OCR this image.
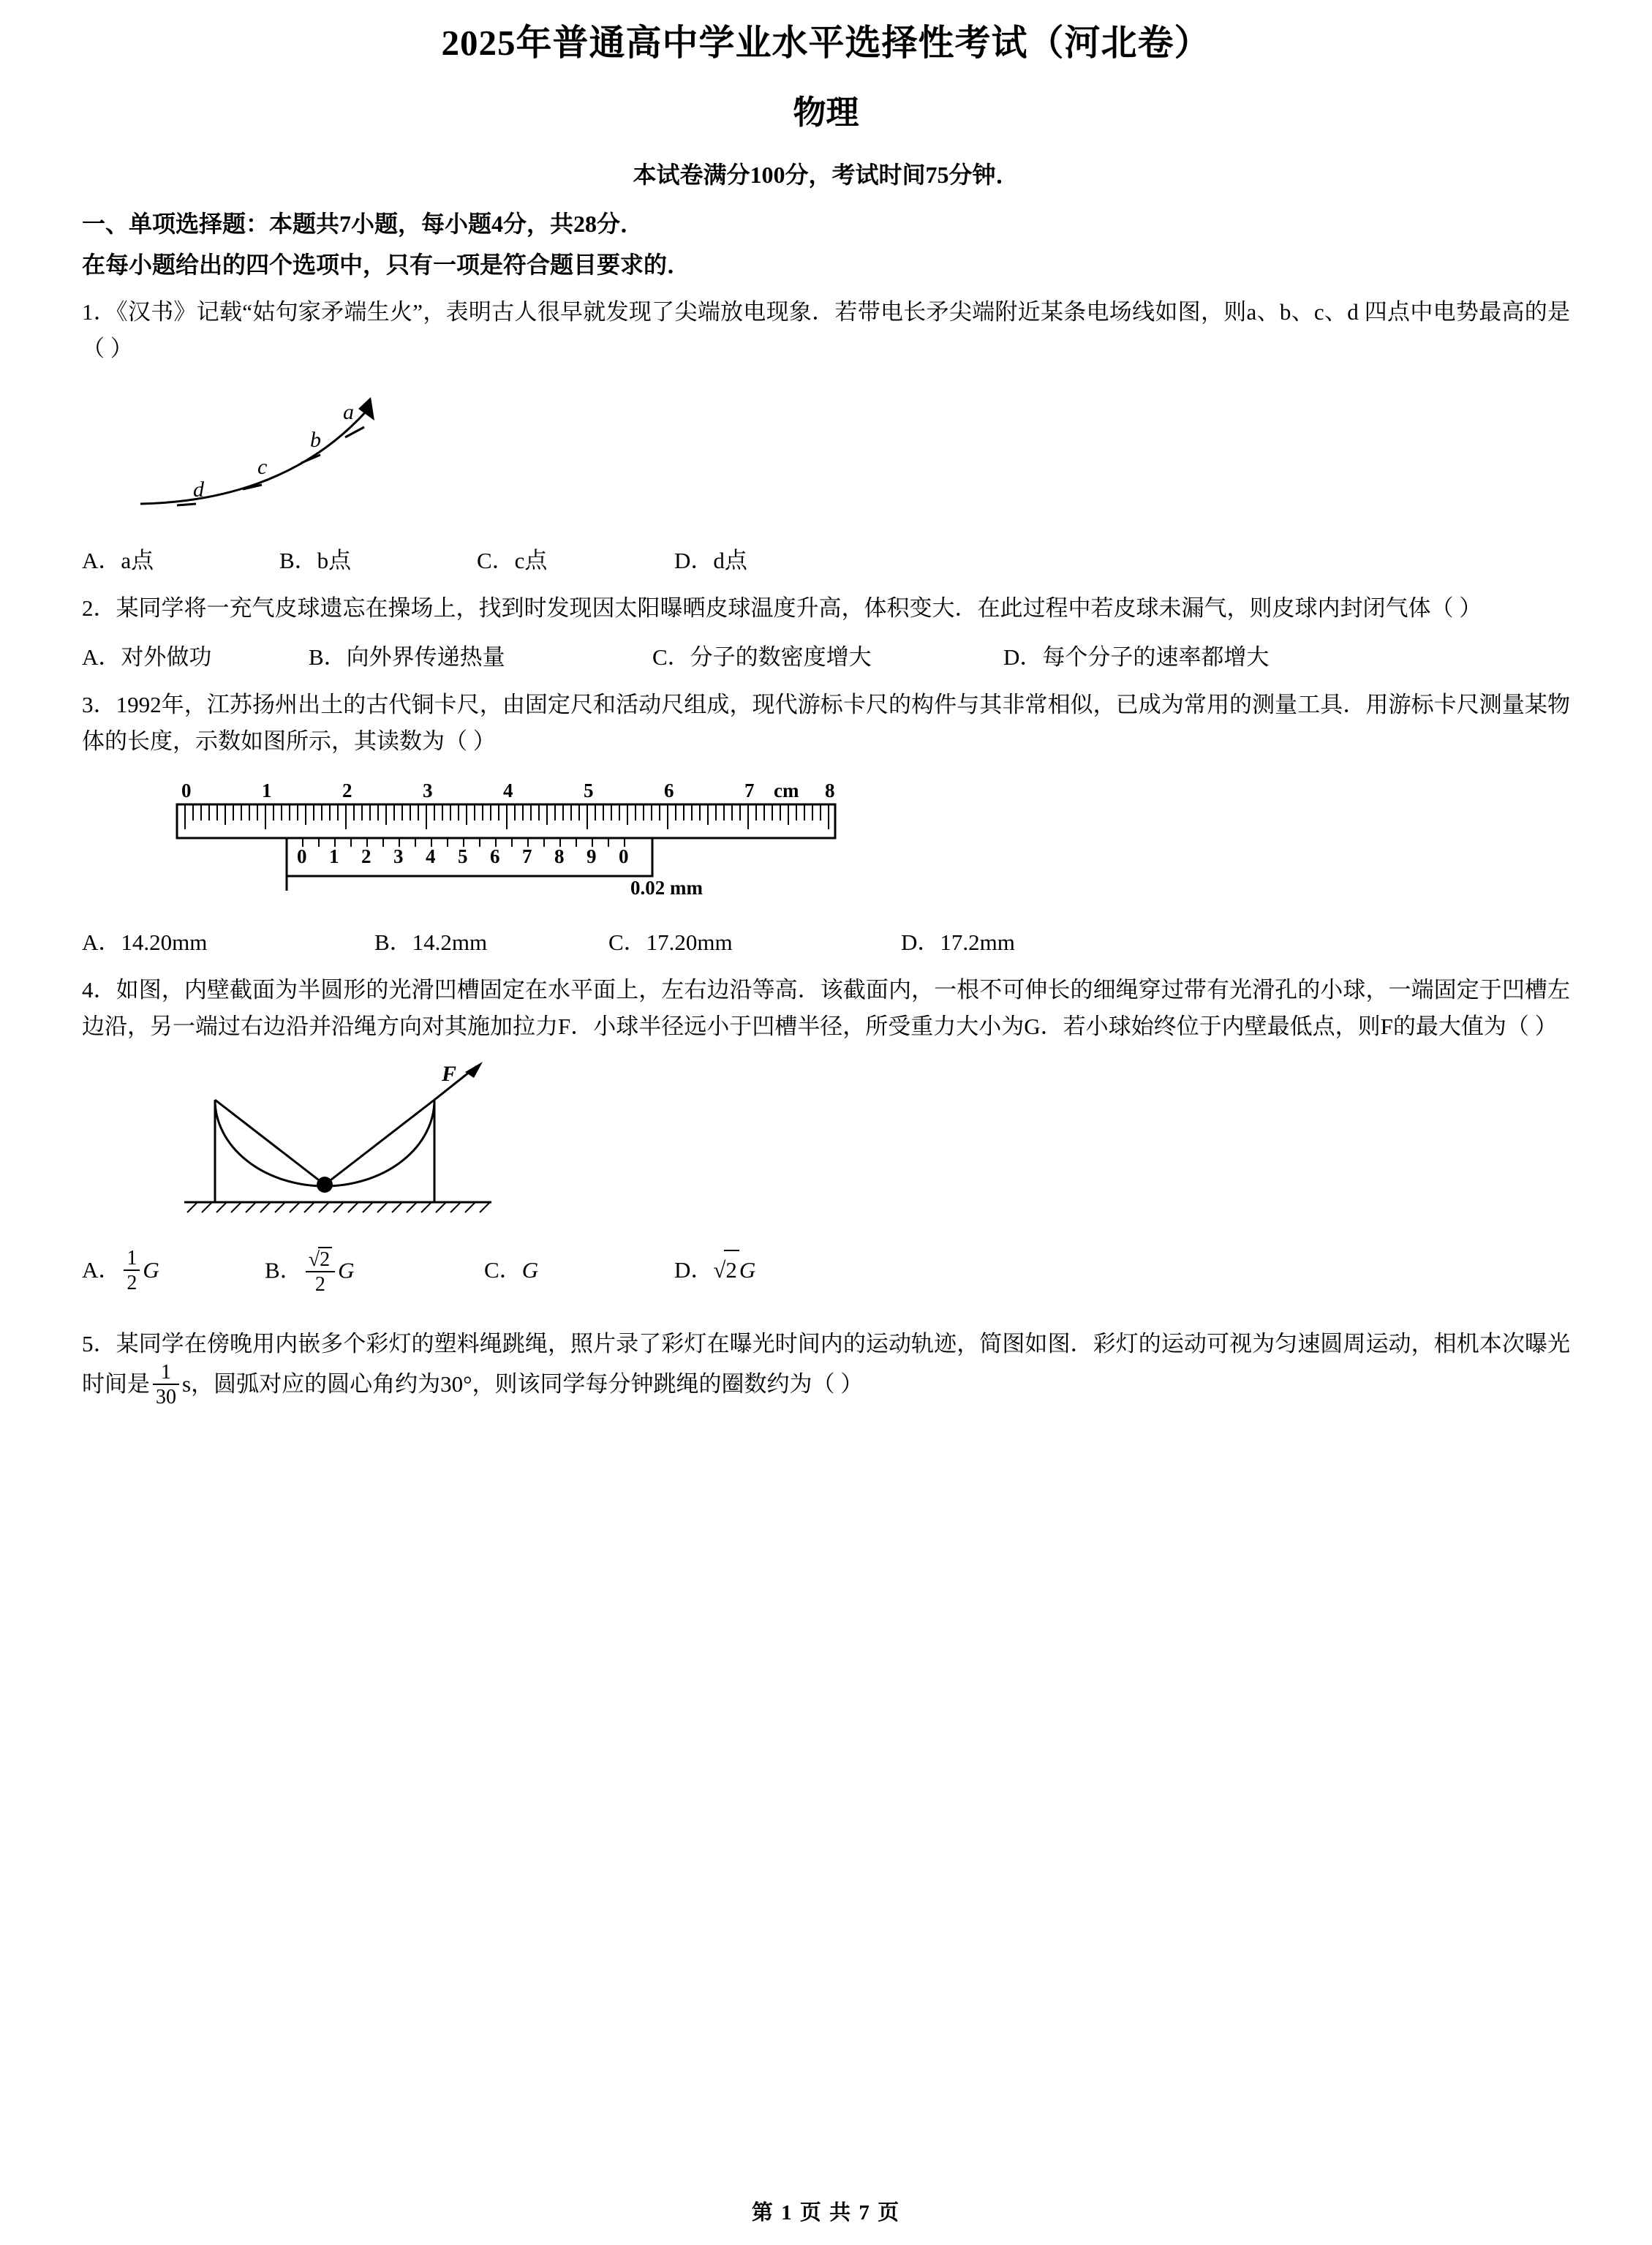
2025年普通高中学业水平选择性考试（河北卷）
物理
本试卷满分100分，考试时间75分钟．
一、单项选择题：本题共7小题，每小题4分，共28分．
在每小题给出的四个选项中，只有一项是符合题目要求的．
1．《汉书》记载“姑句家矛端生火”，表明古人很早就发现了尖端放电现象．若带电长矛尖端附近某条电场线如图，则a、b、c、d 四点中电势最高的是（ ）
a
b
c
d
A．a点	B．b点	C．c点	D．d点
2．某同学将一充气皮球遗忘在操场上，找到时发现因太阳曝晒皮球温度升高，体积变大．在此过程中若皮球未漏气，则皮球内封闭气体（ ）
A．对外做功	B．向外界传递热量	C．分子的数密度增大	D．每个分子的速率都增大
3．1992年，江苏扬州出土的古代铜卡尺，由固定尺和活动尺组成，现代游标卡尺的构件与其非常相似，已成为常用的测量工具．用游标卡尺测量某物体的长度，示数如图所示，其读数为（ ）
0	1	2	3	4	5	6	7 cm 8
0 1 2 3 4 5 6 7 8 9 0
0.02 mm
A．14.20mm	B．14.2mm	C．17.20mm	D．17.2mm
4．如图，内壁截面为半圆形的光滑凹槽固定在水平面上，左右边沿等高．该截面内，一根不可伸长的细绳穿过带有光滑孔的小球，一端固定于凹槽左边沿，另一端过右边沿并沿绳方向对其施加拉力F．小球半径远小于凹槽半径，所受重力大小为G．若小球始终位于内壁最低点，则F的最大值为（ ）
F
A． $\frac{1}{2}$ G	B． $\frac{√2}{2}$ G	C．G	D．√2G
5．某同学在傍晚用内嵌多个彩灯的塑料绳跳绳，照片录了彩灯在曝光时间内的运动轨迹，简图如图．彩灯的运动可视为匀速圆周运动，相机本次曝光时间是 $\frac{1}{30}$ s，圆弧对应的圆心角约为30°，则该同学每分钟跳绳的圈数约为（ ）
第 1 页 共 7 页
